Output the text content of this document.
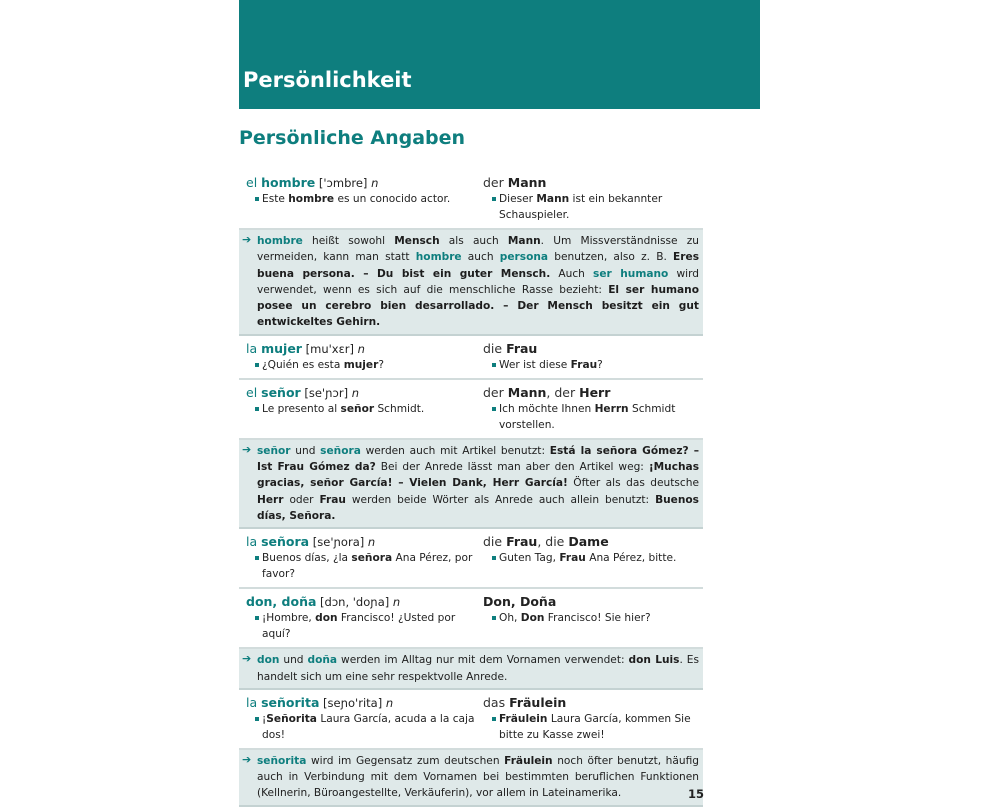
Persönlichkeit
Persönliche Angaben
el hombre ['ɔmbre] n
Este hombre es un conocido actor.
der Mann
Dieser Mann ist ein bekannter Schauspieler.
➔ hombre heißt sowohl Mensch als auch Mann. Um Missverständnisse zu vermeiden, kann man statt hombre auch persona benutzen, also z. B. Eres buena persona. – Du bist ein guter Mensch. Auch ser humano wird verwendet, wenn es sich auf die menschliche Rasse bezieht: El ser humano posee un cerebro bien desarrollado. – Der Mensch besitzt ein gut entwickeltes Gehirn.
la mujer [mu'xɛr] n
¿Quién es esta mujer?
die Frau
Wer ist diese Frau?
el señor [se'ɲɔr] n
Le presento al señor Schmidt.
der Mann, der Herr
Ich möchte Ihnen Herrn Schmidt vorstellen.
➔ señor und señora werden auch mit Artikel benutzt: Está la señora Gómez? – Ist Frau Gómez da? Bei der Anrede lässt man aber den Artikel weg: ¡Muchas gracias, señor García! – Vielen Dank, Herr García! Öfter als das deutsche Herr oder Frau werden beide Wörter als Anrede auch allein benutzt: Buenos días, Señora.
la señora [se'ɲora] n
Buenos días, ¿la señora Ana Pérez, por favor?
die Frau, die Dame
Guten Tag, Frau Ana Pérez, bitte.
don, doña [dɔn, 'doɲa] n
¡Hombre, don Francisco! ¿Usted por aquí?
Don, Doña
Oh, Don Francisco! Sie hier?
➔ don und doña werden im Alltag nur mit dem Vornamen verwendet: don Luis. Es handelt sich um eine sehr respektvolle Anrede.
la señorita [seɲo'rita] n
¡Señorita Laura García, acuda a la caja dos!
das Fräulein
Fräulein Laura García, kommen Sie bitte zu Kasse zwei!
➔ señorita wird im Gegensatz zum deutschen Fräulein noch öfter benutzt, häufig auch in Verbindung mit dem Vornamen bei bestimmten beruflichen Funktionen (Kellnerin, Büroangestellte, Verkäuferin), vor allem in Lateinamerika.	15
